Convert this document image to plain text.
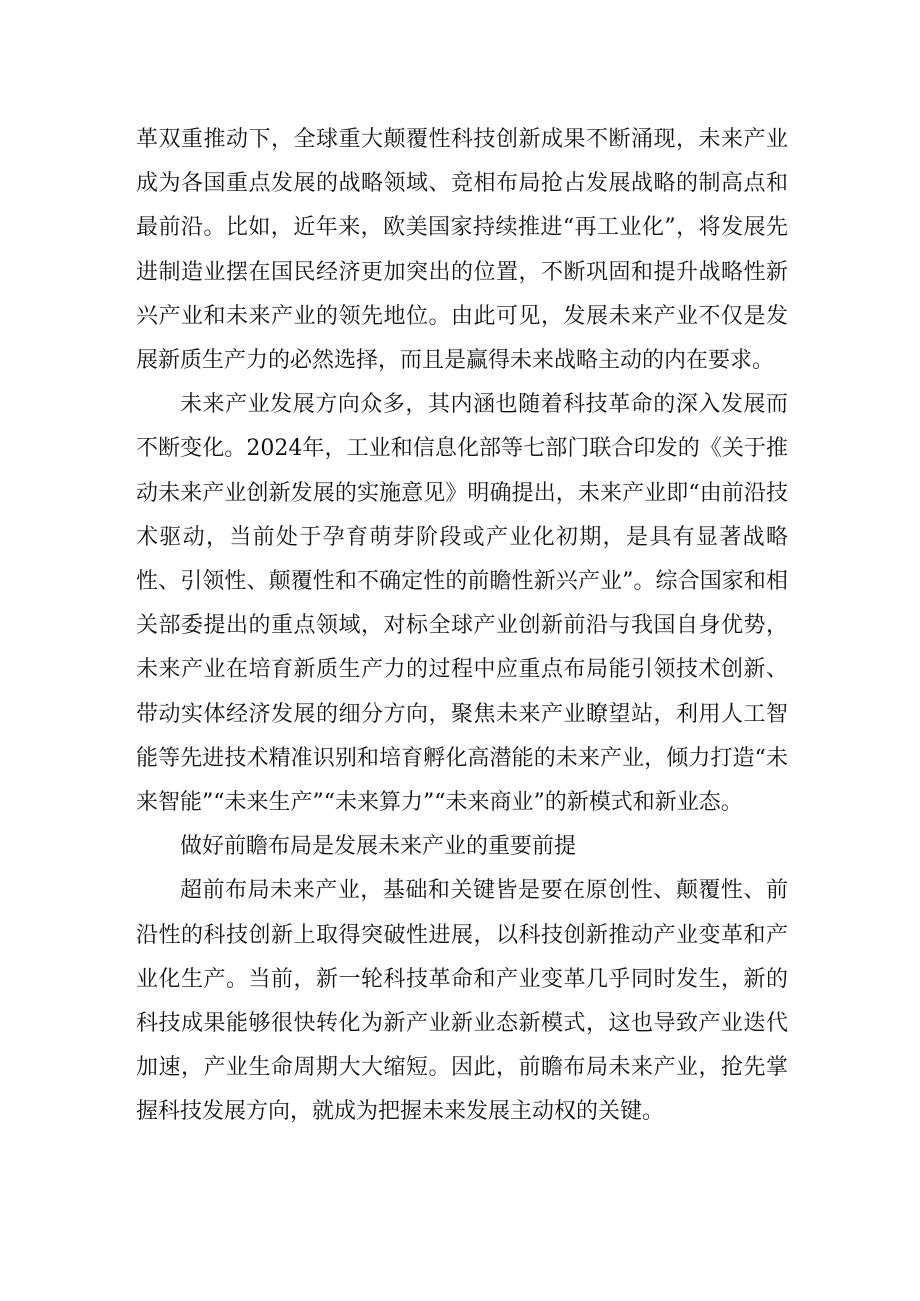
革双重推动下，全球重大颠覆性科技创新成果不断涌现，未来产业成为各国重点发展的战略领域、竞相布局抢占发展战略的制高点和最前沿。比如，近年来，欧美国家持续推进“再工业化”，将发展先进制造业摆在国民经济更加突出的位置，不断巩固和提升战略性新兴产业和未来产业的领先地位。由此可见，发展未来产业不仅是发展新质生产力的必然选择，而且是赢得未来战略主动的内在要求。

未来产业发展方向众多，其内涵也随着科技革命的深入发展而不断变化。2024年，工业和信息化部等七部门联合印发的《关于推动未来产业创新发展的实施意见》明确提出，未来产业即“由前沿技术驱动，当前处于孕育萌芽阶段或产业化初期，是具有显著战略性、引领性、颠覆性和不确定性的前瞻性新兴产业”。综合国家和相关部委提出的重点领域，对标全球产业创新前沿与我国自身优势，未来产业在培育新质生产力的过程中应重点布局能引领技术创新、带动实体经济发展的细分方向，聚焦未来产业瞭望站，利用人工智能等先进技术精准识别和培育孵化高潜能的未来产业，倾力打造“未来智能”“未来生产”“未来算力”“未来商业”的新模式和新业态。

做好前瞻布局是发展未来产业的重要前提

超前布局未来产业，基础和关键皆是要在原创性、颠覆性、前沿性的科技创新上取得突破性进展，以科技创新推动产业变革和产业化生产。当前，新一轮科技革命和产业变革几乎同时发生，新的科技成果能够很快转化为新产业新业态新模式，这也导致产业迭代加速，产业生命周期大大缩短。因此，前瞻布局未来产业，抢先掌握科技发展方向，就成为把握未来发展主动权的关键。
